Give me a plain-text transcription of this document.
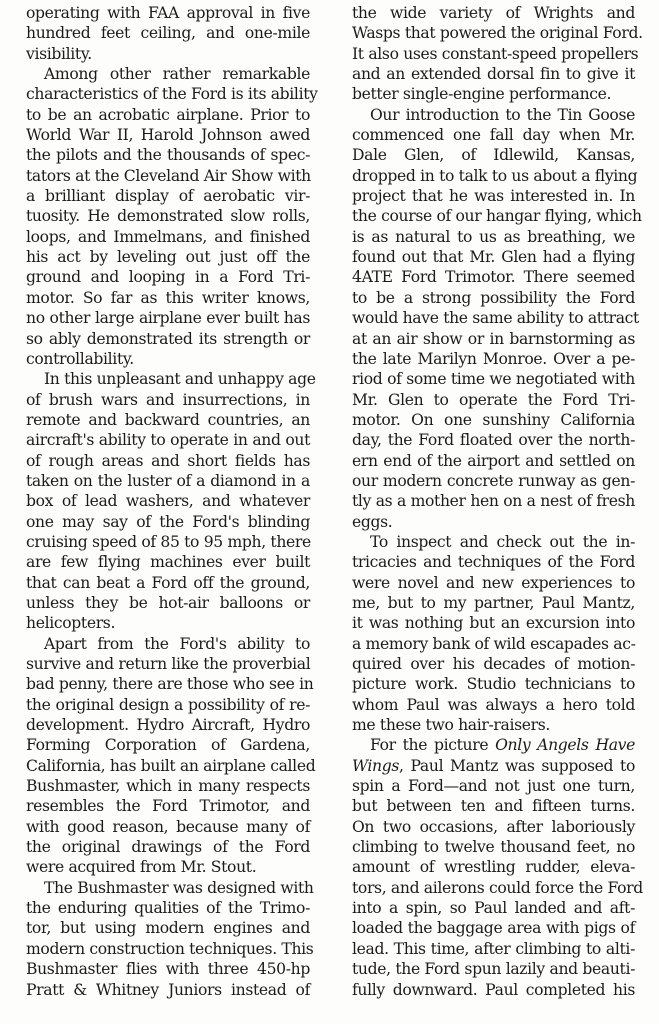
operating with FAA approval in five
hundred feet ceiling, and one-mile
visibility.
Among other rather remarkable
characteristics of the Ford is its ability
to be an acrobatic airplane. Prior to
World War II, Harold Johnson awed
the pilots and the thousands of spec-
tators at the Cleveland Air Show with
a brilliant display of aerobatic vir-
tuosity. He demonstrated slow rolls,
loops, and Immelmans, and finished
his act by leveling out just off the
ground and looping in a Ford Tri-
motor. So far as this writer knows,
no other large airplane ever built has
so ably demonstrated its strength or
controllability.
In this unpleasant and unhappy age
of brush wars and insurrections, in
remote and backward countries, an
aircraft's ability to operate in and out
of rough areas and short fields has
taken on the luster of a diamond in a
box of lead washers, and whatever
one may say of the Ford's blinding
cruising speed of 85 to 95 mph, there
are few flying machines ever built
that can beat a Ford off the ground,
unless they be hot-air balloons or
helicopters.
Apart from the Ford's ability to
survive and return like the proverbial
bad penny, there are those who see in
the original design a possibility of re-
development. Hydro Aircraft, Hydro
Forming Corporation of Gardena,
California, has built an airplane called
Bushmaster, which in many respects
resembles the Ford Trimotor, and
with good reason, because many of
the original drawings of the Ford
were acquired from Mr. Stout.
The Bushmaster was designed with
the enduring qualities of the Trimo-
tor, but using modern engines and
modern construction techniques. This
Bushmaster flies with three 450-hp
Pratt & Whitney Juniors instead of
the wide variety of Wrights and
Wasps that powered the original Ford.
It also uses constant-speed propellers
and an extended dorsal fin to give it
better single-engine performance.
Our introduction to the Tin Goose
commenced one fall day when Mr.
Dale Glen, of Idlewild, Kansas,
dropped in to talk to us about a flying
project that he was interested in. In
the course of our hangar flying, which
is as natural to us as breathing, we
found out that Mr. Glen had a flying
4ATE Ford Trimotor. There seemed
to be a strong possibility the Ford
would have the same ability to attract
at an air show or in barnstorming as
the late Marilyn Monroe. Over a pe-
riod of some time we negotiated with
Mr. Glen to operate the Ford Tri-
motor. On one sunshiny California
day, the Ford floated over the north-
ern end of the airport and settled on
our modern concrete runway as gen-
tly as a mother hen on a nest of fresh
eggs.
To inspect and check out the in-
tricacies and techniques of the Ford
were novel and new experiences to
me, but to my partner, Paul Mantz,
it was nothing but an excursion into
a memory bank of wild escapades ac-
quired over his decades of motion-
picture work. Studio technicians to
whom Paul was always a hero told
me these two hair-raisers.
For the picture Only Angels Have
Wings, Paul Mantz was supposed to
spin a Ford—and not just one turn,
but between ten and fifteen turns.
On two occasions, after laboriously
climbing to twelve thousand feet, no
amount of wrestling rudder, eleva-
tors, and ailerons could force the Ford
into a spin, so Paul landed and aft-
loaded the baggage area with pigs of
lead. This time, after climbing to alti-
tude, the Ford spun lazily and beauti-
fully downward. Paul completed his
